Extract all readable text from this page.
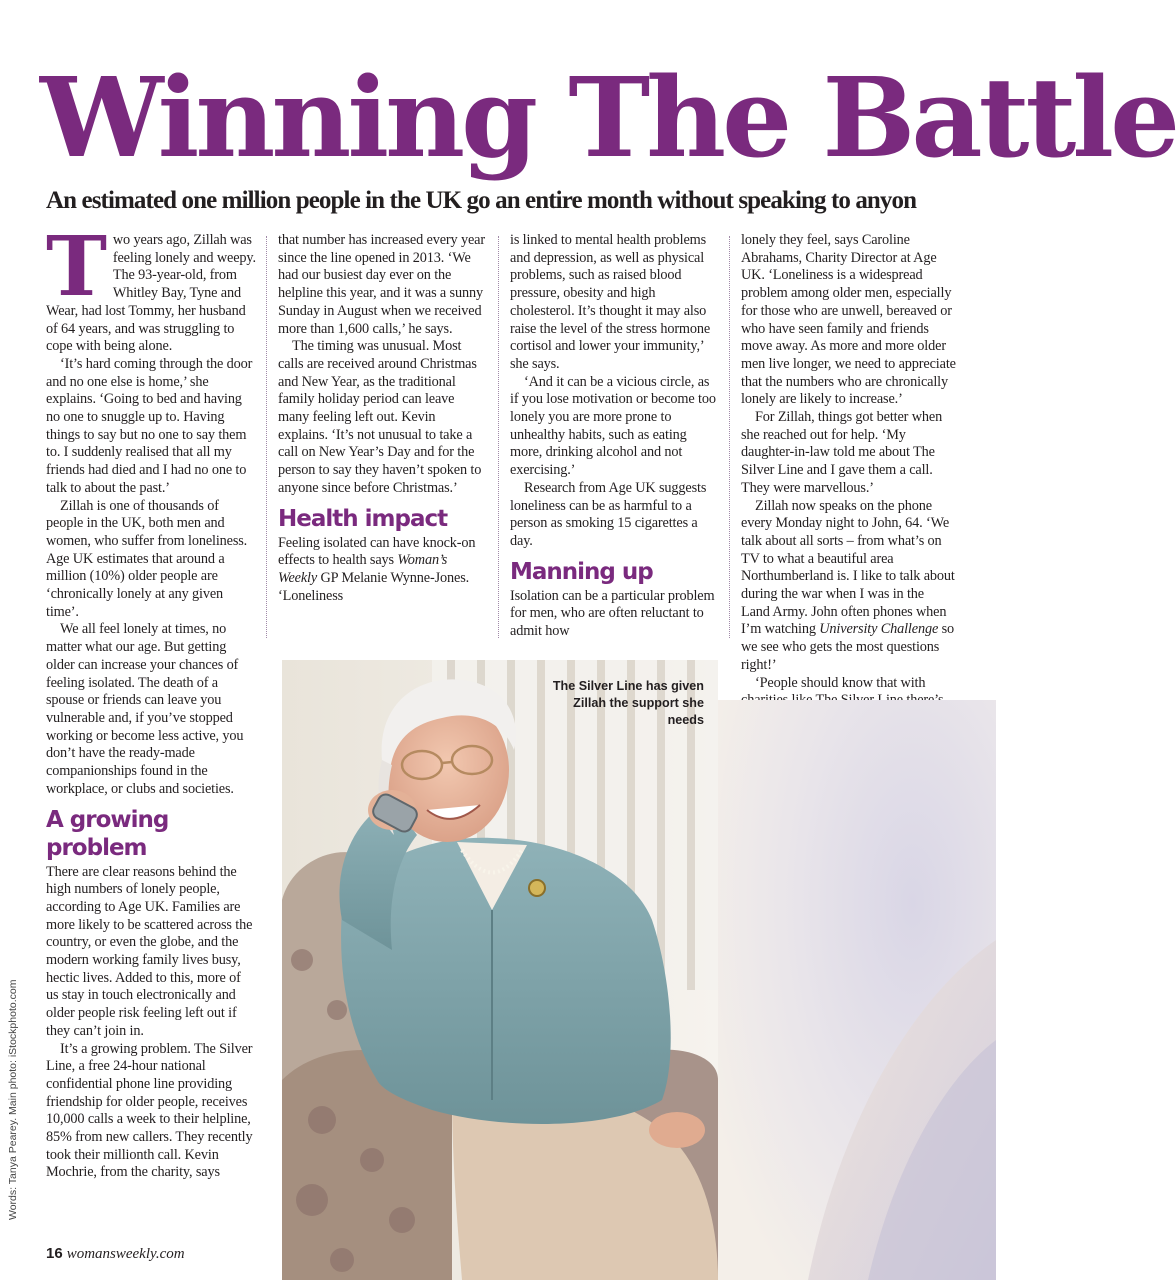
Winning The Battle

An estimated one million people in the UK go an entire month without speaking to anyon

Two years ago, Zillah was feeling lonely and weepy. The 93-year-old, from Whitley Bay, Tyne and Wear, had lost Tommy, her husband of 64 years, and was struggling to cope with being alone.

‘It’s hard coming through the door and no one else is home,’ she explains. ‘Going to bed and having no one to snuggle up to. Having things to say but no one to say them to. I suddenly realised that all my friends had died and I had no one to talk to about the past.’

Zillah is one of thousands of people in the UK, both men and women, who suffer from loneliness. Age UK estimates that around a million (10%) older people are ‘chronically lonely at any given time’.

We all feel lonely at times, no matter what our age. But getting older can increase your chances of feeling isolated. The death of a spouse or friends can leave you vulnerable and, if you’ve stopped working or become less active, you don’t have the ready-made companionships found in the workplace, or clubs and societies.

A growing problem

There are clear reasons behind the high numbers of lonely people, according to Age UK. Families are more likely to be scattered across the country, or even the globe, and the modern working family lives busy, hectic lives. Added to this, more of us stay in touch electronically and older people risk feeling left out if they can’t join in.

It’s a growing problem. The Silver Line, a free 24-hour national confidential phone line providing friendship for older people, receives 10,000 calls a week to their helpline, 85% from new callers. They recently took their millionth call. Kevin Mochrie, from the charity, says

that number has increased every year since the line opened in 2013. ‘We had our busiest day ever on the helpline this year, and it was a sunny Sunday in August when we received more than 1,600 calls,’ he says.

The timing was unusual. Most calls are received around Christmas and New Year, as the traditional family holiday period can leave many feeling left out. Kevin explains. ‘It’s not unusual to take a call on New Year’s Day and for the person to say they haven’t spoken to anyone since before Christmas.’

Health impact

Feeling isolated can have knock-on effects to health says Woman’s Weekly GP Melanie Wynne-Jones. ‘Loneliness

is linked to mental health problems and depression, as well as physical problems, such as raised blood pressure, obesity and high cholesterol. It’s thought it may also raise the level of the stress hormone cortisol and lower your immunity,’ she says.

‘And it can be a vicious circle, as if you lose motivation or become too lonely you are more prone to unhealthy habits, such as eating more, drinking alcohol and not exercising.’

Research from Age UK suggests loneliness can be as harmful to a person as smoking 15 cigarettes a day.

Manning up

Isolation can be a particular problem for men, who are often reluctant to admit how

lonely they feel, says Caroline Abrahams, Charity Director at Age UK. ‘Loneliness is a widespread problem among older men, especially for those who are unwell, bereaved or who have seen family and friends move away. As more and more older men live longer, we need to appreciate that the numbers who are chronically lonely are likely to increase.’

For Zillah, things got better when she reached out for help. ‘My daughter-in-law told me about The Silver Line and I gave them a call. They were marvellous.’

Zillah now speaks on the phone every Monday night to John, 64. ‘We talk about all sorts – from what’s on TV to what a beautiful area Northumberland is. I like to talk about during the war when I was in the Land Army. John often phones when I’m watching University Challenge so we see who gets the most questions right!’

‘People should know that with

The Silver Line has given Zillah the support she needs

Words: Tanya Pearey. Main photo: iStockphoto.com

16 womansweekly.com
